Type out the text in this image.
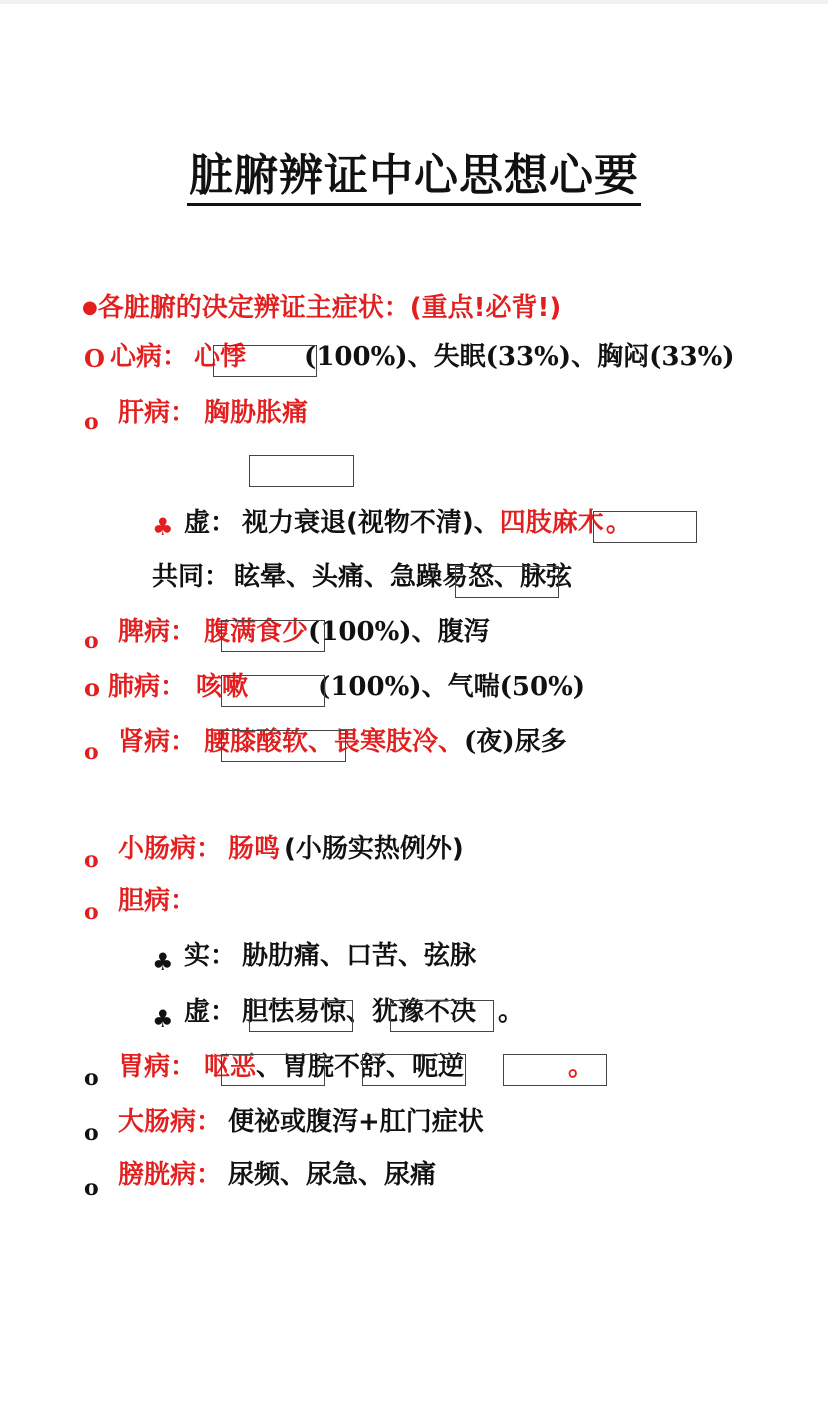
脏腑辨证中心思想心要
●各脏腑的决定辨证主症状：(重点!必背!)
O 心病： 心悸 (100%)、失眠(33%)、胸闷(33%)
o 肝病： 胸胁胀痛
♣ 虚： 视力衰退(视物不清)、四肢麻木。
共同： 眩晕、头痛、急躁易怒、脉弦
o 脾病： 腹满食少(100%)、腹泻
o 肺病： 咳嗽	(100%)、气喘(50%)
o 肾病： 腰膝酸软、畏寒肢冷、(夜)尿多
o 小肠病： 肠鸣 (小肠实热例外)
o 胆病：
♣ 实： 胁肋痛、口苦、弦脉
♣ 虚： 胆怯易惊、犹豫不决 。
o 胃病： 呕恶、胃脘不舒、呃逆	。
o 大肠病： 便祕或腹泻+肛门症状
o 膀胱病： 尿频、尿急、尿痛
